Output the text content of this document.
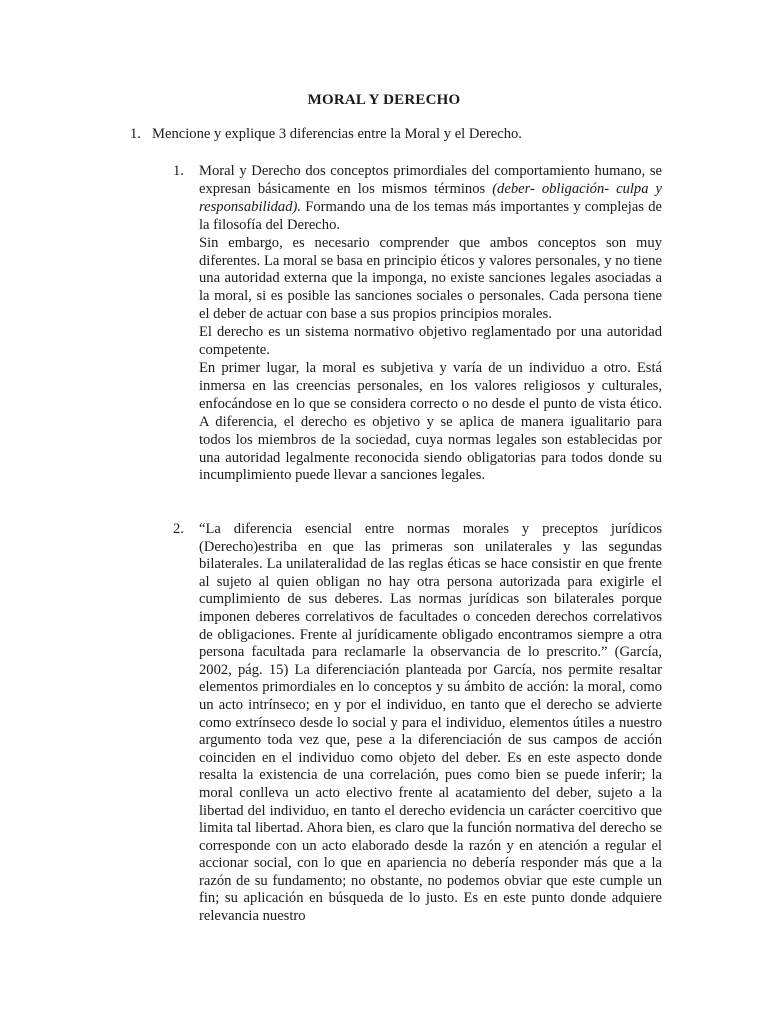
MORAL Y DERECHO
1. Mencione y explique 3 diferencias entre la Moral y el Derecho.
1. Moral y Derecho dos conceptos primordiales del comportamiento humano, se expresan básicamente en los mismos términos (deber- obligación- culpa y responsabilidad). Formando una de los temas más importantes y complejas de la filosofía del Derecho.

Sin embargo, es necesario comprender que ambos conceptos son muy diferentes. La moral se basa en principio éticos y valores personales, y no tiene una autoridad externa que la imponga, no existe sanciones legales asociadas a la moral, si es posible las sanciones sociales o personales. Cada persona tiene el deber de actuar con base a sus propios principios morales.

El derecho es un sistema normativo objetivo reglamentado por una autoridad competente.

En primer lugar, la moral es subjetiva y varía de un individuo a otro. Está inmersa en las creencias personales, en los valores religiosos y culturales, enfocándose en lo que se considera correcto o no desde el punto de vista ético. A diferencia, el derecho es objetivo y se aplica de manera igualitario para todos los miembros de la sociedad, cuya normas legales son establecidas por una autoridad legalmente reconocida siendo obligatorias para todos donde su incumplimiento puede llevar a sanciones legales.

2. “La diferencia esencial entre normas morales y preceptos jurídicos (Derecho)estriba en que las primeras son unilaterales y las segundas bilaterales. La unilateralidad de las reglas éticas se hace consistir en que frente al sujeto al quien obligan no hay otra persona autorizada para exigirle el cumplimiento de sus deberes. Las normas jurídicas son bilaterales porque imponen deberes correlativos de facultades o conceden derechos correlativos de obligaciones. Frente al jurídicamente obligado encontramos siempre a otra persona facultada para reclamarle la observancia de lo prescrito.” (García, 2002, pág. 15) La diferenciación planteada por García, nos permite resaltar elementos primordiales en lo conceptos y su ámbito de acción: la moral, como un acto intrínseco; en y por el individuo, en tanto que el derecho se advierte como extrínseco desde lo social y para el individuo, elementos útiles a nuestro argumento toda vez que, pese a la diferenciación de sus campos de acción coinciden en el individuo como objeto del deber. Es en este aspecto donde resalta la existencia de una correlación, pues como bien se puede inferir; la moral conlleva un acto electivo frente al acatamiento del deber, sujeto a la libertad del individuo, en tanto el derecho evidencia un carácter coercitivo que limita tal libertad. Ahora bien, es claro que la función normativa del derecho se corresponde con un acto elaborado desde la razón y en atención a regular el accionar social, con lo que en apariencia no debería responder más que a la razón de su fundamento; no obstante, no podemos obviar que este cumple un fin; su aplicación en búsqueda de lo justo. Es en este punto donde adquiere relevancia nuestro
